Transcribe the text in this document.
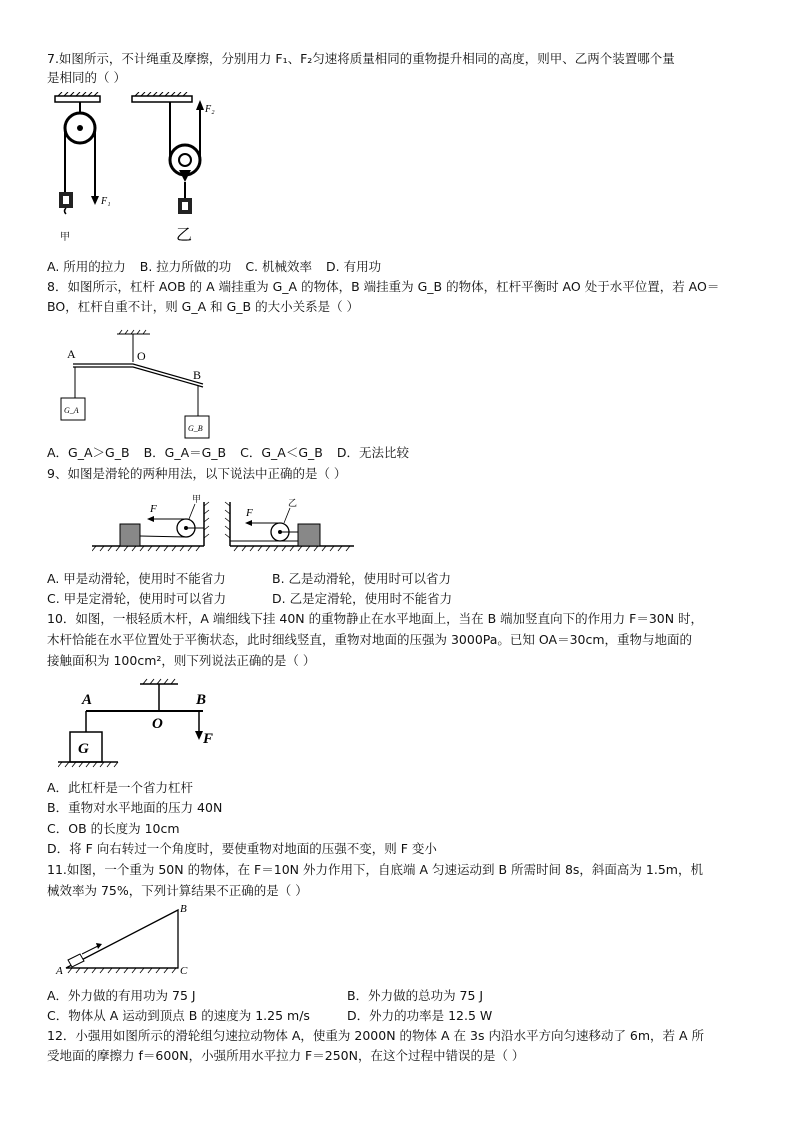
7.如图所示，不计绳重及摩擦，分别用力 F₁、F₂匀速将质量相同的重物提升相同的高度，则甲、乙两个装置哪个量
是相同的（ ）
F₁
甲
F₂
乙
A. 所用的拉力 B. 拉力所做的功 C. 机械效率 D. 有用功
8．如图所示，杠杆 AOB 的 A 端挂重为 G_A 的物体，B 端挂重为 G_B 的物体，杠杆平衡时 AO 处于水平位置，若 AO＝
BO，杠杆自重不计，则 G_A 和 G_B 的大小关系是（ ）
A	O
B
G_A
G_B
A．G_A＞G_B B．G_A＝G_B C．G_A＜G_B D．无法比较
9、如图是滑轮的两种用法，以下说法中正确的是（ ）
F
甲
F
乙
A. 甲是动滑轮，使用时不能省力	B. 乙是动滑轮，使用时可以省力
C. 甲是定滑轮，使用时可以省力	D. 乙是定滑轮，使用时不能省力
10．如图，一根轻质木杆，A 端细线下挂 40N 的重物静止在水平地面上，当在 B 端加竖直向下的作用力 F＝30N 时，
木杆恰能在水平位置处于平衡状态，此时细线竖直，重物对地面的压强为 3000Pa。已知 OA＝30cm，重物与地面的
接触面积为 100cm²，则下列说法正确的是（ ）
A
O
B
G
F
A．此杠杆是一个省力杠杆
B．重物对水平地面的压力 40N
C．OB 的长度为 10cm
D．将 F 向右转过一个角度时，要使重物对地面的压强不变，则 F 变小
11.如图，一个重为 50N 的物体，在 F＝10N 外力作用下，自底端 A 匀速运动到 B 所需时间 8s，斜面高为 1.5m，机
械效率为 75%，下列计算结果不正确的是（ ）
A
B
C
A．外力做的有用功为 75 J	B．外力做的总功为 75 J
C．物体从 A 运动到顶点 B 的速度为 1.25 m/s	D．外力的功率是 12.5 W
12．小强用如图所示的滑轮组匀速拉动物体 A，使重为 2000N 的物体 A 在 3s 内沿水平方向匀速移动了 6m，若 A 所
受地面的摩擦力 f＝600N，小强所用水平拉力 F＝250N，在这个过程中错误的是（ ）
